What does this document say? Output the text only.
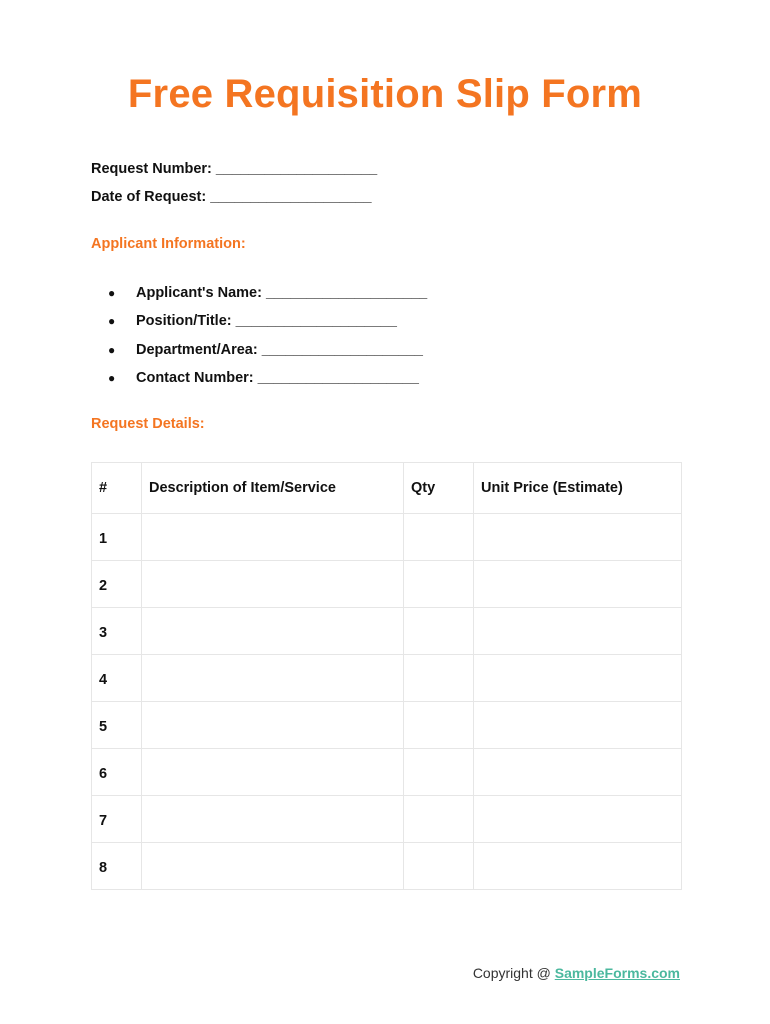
Free Requisition Slip Form
Request Number: ____________________
Date of Request: ____________________
Applicant Information:
●	Applicant's Name: ____________________
●	Position/Title: ____________________
●	Department/Area: ____________________
●	Contact Number: ____________________
Request Details:
#	Description of Item/Service	Qty	Unit Price (Estimate)
1			
2			
3			
4			
5			
6			
7			
8			
Copyright @ SampleForms.com
